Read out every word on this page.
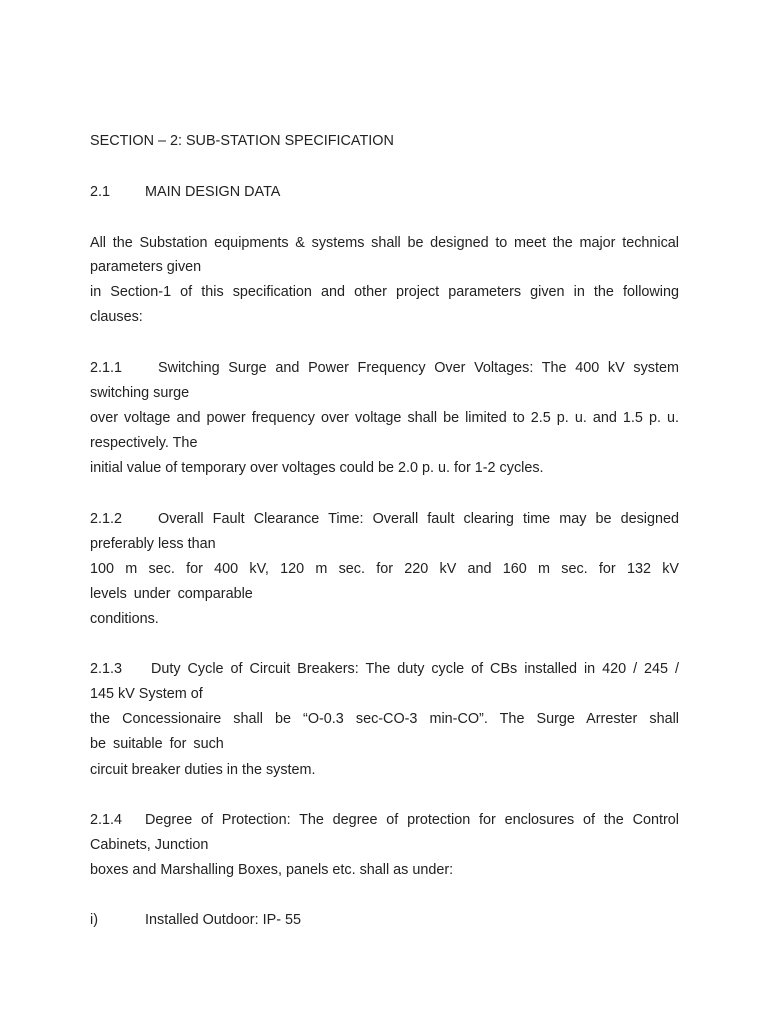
SECTION – 2: SUB-STATION SPECIFICATION
2.1 MAIN DESIGN DATA
All the Substation equipments & systems shall be designed to meet the major technical
parameters given
in Section-1 of this specification and other project parameters given in the following
clauses:
2.1.1 Switching Surge and Power Frequency Over Voltages: The 400 kV system
switching surge
over voltage and power frequency over voltage shall be limited to 2.5 p. u. and 1.5 p. u.
respectively. The
initial value of temporary over voltages could be 2.0 p. u. for 1-2 cycles.
2.1.2 Overall Fault Clearance Time: Overall fault clearing time may be designed
preferably less than
100 m sec. for 400 kV, 120 m sec. for 220 kV and 160 m sec. for 132 kV
levels under comparable
conditions.
2.1.3 Duty Cycle of Circuit Breakers: The duty cycle of CBs installed in 420 / 245 /
145 kV System of
the Concessionaire shall be “O-0.3 sec-CO-3 min-CO”. The Surge Arrester shall
be suitable for such
circuit breaker duties in the system.
2.1.4 Degree of Protection: The degree of protection for enclosures of the Control
Cabinets, Junction
boxes and Marshalling Boxes, panels etc. shall as under:
i)	Installed Outdoor: IP- 55
